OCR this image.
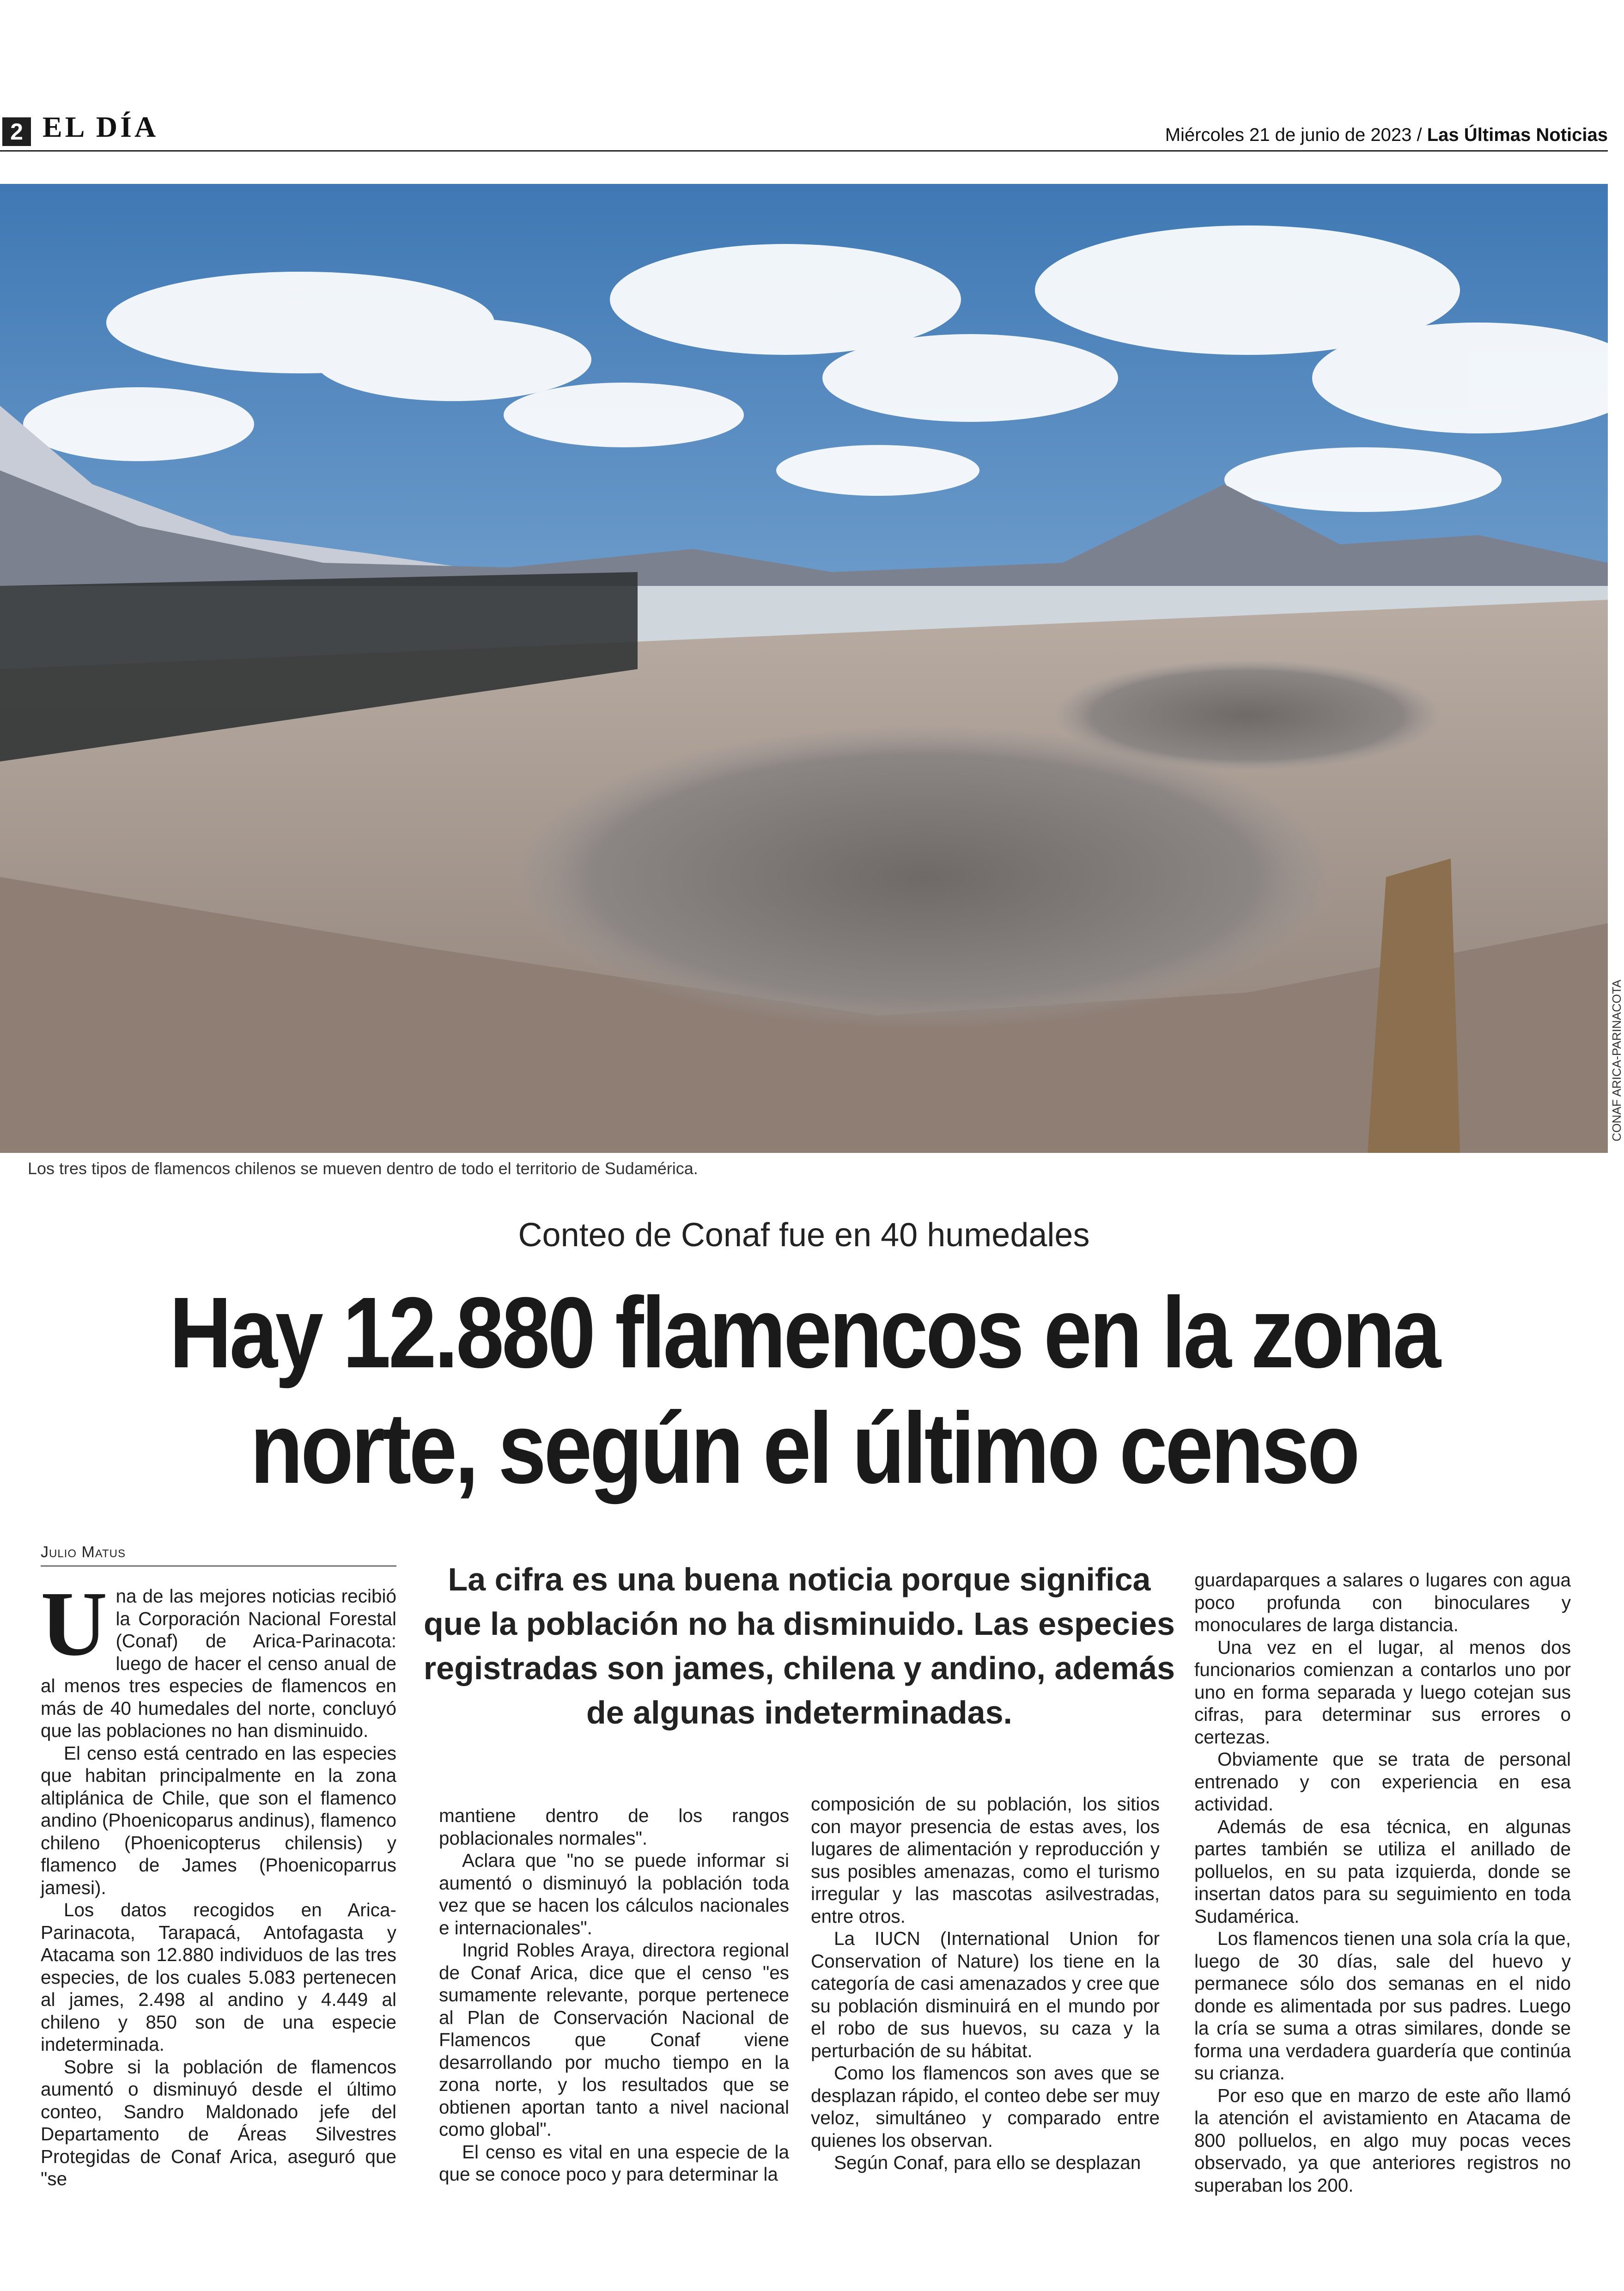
2 EL DÍA	Miércoles 21 de junio de 2023 / Las Últimas Noticias
Los tres tipos de flamencos chilenos se mueven dentro de todo el territorio de Sudamérica.
CONAF ARICA-PARINACOTA
Conteo de Conaf fue en 40 humedales
Hay 12.880 flamencos en la zona
norte, según el último censo
Julio Matus
La cifra es una buena noticia porque significa que la población no ha disminuido. Las especies registradas son james, chilena y andino, además de algunas indeterminadas.

Una de las mejores noticias recibió la Corporación Nacional Forestal (Conaf) de Arica-Parinacota: luego de hacer el censo anual de al menos tres especies de flamencos en más de 40 humedales del norte, concluyó que las poblaciones no han disminuido.

El censo está centrado en las especies que habitan principalmente en la zona altiplánica de Chile, que son el flamenco andino (Phoenicoparus andinus), flamenco chileno (Phoenicopterus chilensis) y flamenco de James (Phoenicoparrus jamesi).

Los datos recogidos en Arica-Parinacota, Tarapacá, Antofagasta y Atacama son 12.880 individuos de las tres especies, de los cuales 5.083 pertenecen al james, 2.498 al andino y 4.449 al chileno y 850 son de una especie indeterminada.

Sobre si la población de flamencos aumentó o disminuyó desde el último conteo, Sandro Maldonado jefe del Departamento de Áreas Silvestres Protegidas de Conaf Arica, aseguró que "se

mantiene dentro de los rangos poblacionales normales".

Aclara que "no se puede informar si aumentó o disminuyó la población toda vez que se hacen los cálculos nacionales e internacionales".

Ingrid Robles Araya, directora regional de Conaf Arica, dice que el censo "es sumamente relevante, porque pertenece al Plan de Conservación Nacional de Flamencos que Conaf viene desarrollando por mucho tiempo en la zona norte, y los resultados que se obtienen aportan tanto a nivel nacional como global".

El censo es vital en una especie de la que se conoce poco y para determinar la

composición de su población, los sitios con mayor presencia de estas aves, los lugares de alimentación y reproducción y sus posibles amenazas, como el turismo irregular y las mascotas asilvestradas, entre otros.

La IUCN (International Union for Conservation of Nature) los tiene en la categoría de casi amenazados y cree que su población disminuirá en el mundo por el robo de sus huevos, su caza y la perturbación de su hábitat.

Como los flamencos son aves que se desplazan rápido, el conteo debe ser muy veloz, simultáneo y comparado entre quienes los observan.

Según Conaf, para ello se desplazan

guardaparques a salares o lugares con agua poco profunda con binoculares y monoculares de larga distancia.

Una vez en el lugar, al menos dos funcionarios comienzan a contarlos uno por uno en forma separada y luego cotejan sus cifras, para determinar sus errores o certezas.

Obviamente que se trata de personal entrenado y con experiencia en esa actividad.

Además de esa técnica, en algunas partes también se utiliza el anillado de polluelos, en su pata izquierda, donde se insertan datos para su seguimiento en toda Sudamérica.

Los flamencos tienen una sola cría la que, luego de 30 días, sale del huevo y permanece sólo dos semanas en el nido donde es alimentada por sus padres. Luego la cría se suma a otras similares, donde se forma una verdadera guardería que continúa su crianza.

Por eso que en marzo de este año llamó la atención el avistamiento en Atacama de 800 polluelos, en algo muy pocas veces observado, ya que anteriores registros no superaban los 200.
